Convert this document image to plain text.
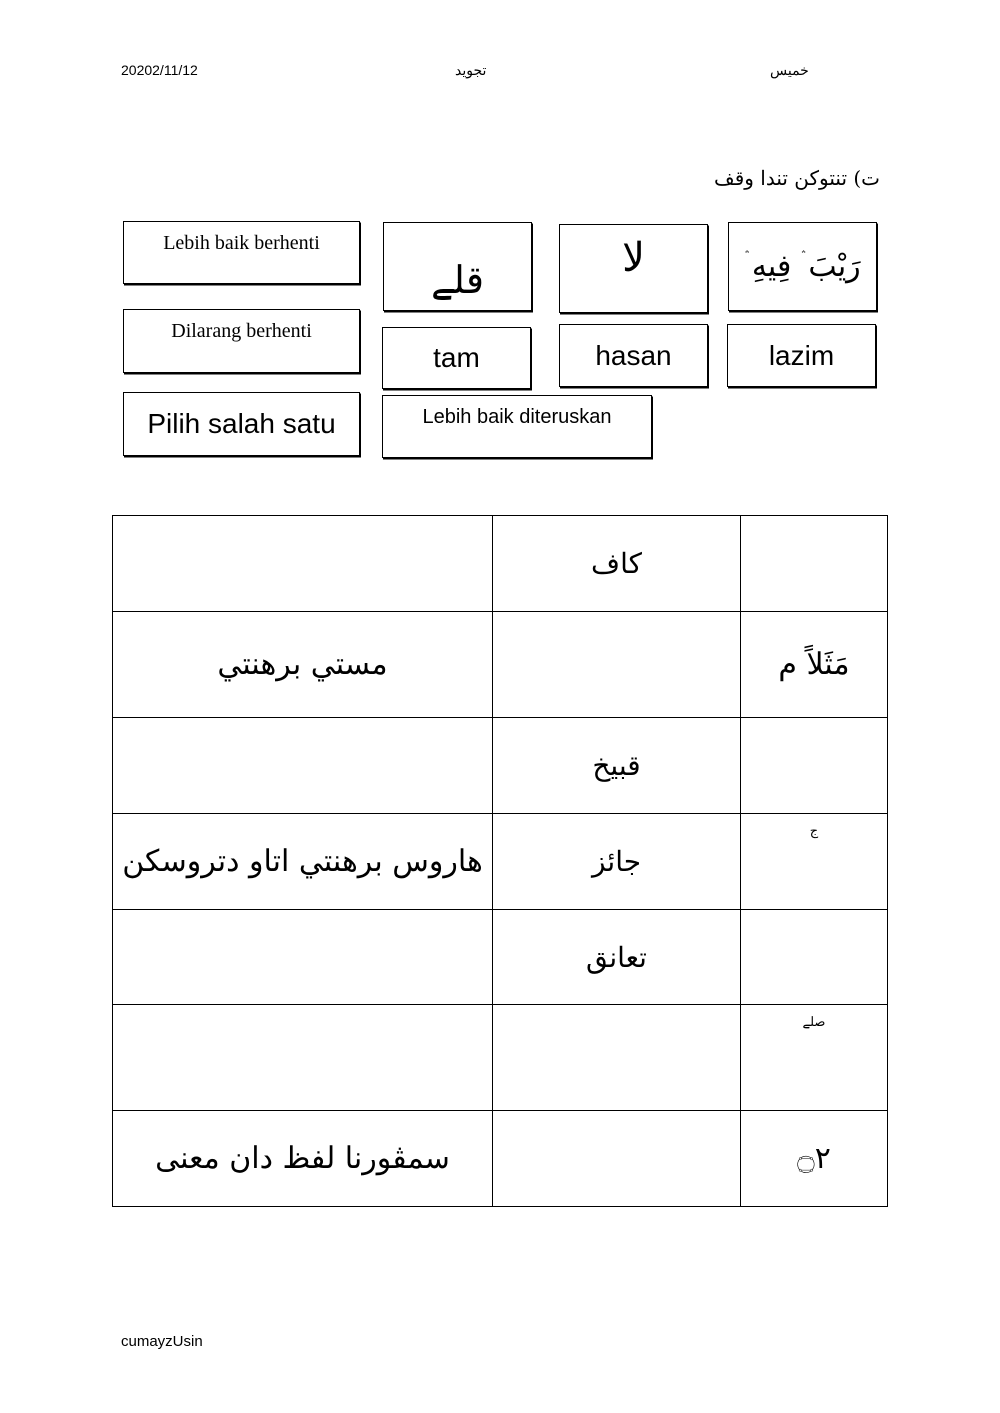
20202/11/12	تجويد	خميس
ت) تنتوکن تندا وقف
Lebih baik berhenti
قلے	لا	رَيْبَ ۛ فِيهِ ۛ
Dilarang berhenti
tam	hasan	lazim
Pilih salah satu	Lebih baik diteruskan
	كاف	
مستي برهنتي		مَثَلاً م
	قبيخ	
هاروس برهنتي اتاو دتروسکن	جائز	ج

	تعانق	

		صلے

سمڤورنا لفظ دان معنى		۝٢
cumayzUsin
